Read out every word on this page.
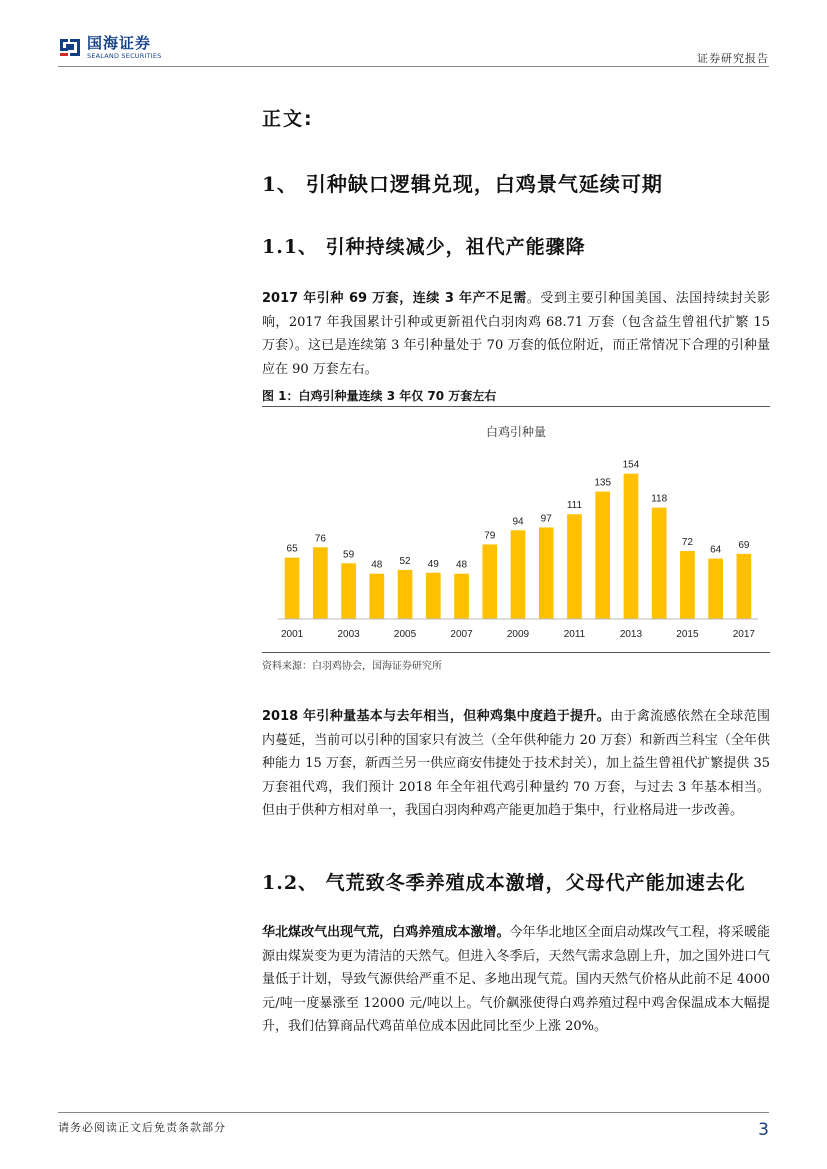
国海证券
SEALAND SECURITIES	证券研究报告
正文:
1、 引种缺口逻辑兑现，白鸡景气延续可期
1.1、 引种持续减少，祖代产能骤降
2017 年引种 69 万套，连续 3 年产不足需。受到主要引种国美国、法国持续封关影响，2017 年我国累计引种或更新祖代白羽肉鸡 68.71 万套（包含益生曾祖代扩繁 15 万套）。这已是连续第 3 年引种量处于 70 万套的低位附近，而正常情况下合理的引种量应在 90 万套左右。
图 1：白鸡引种量连续 3 年仅 70 万套左右
白鸡引种量
65
76
59
48 52 49 48
79
94 97
111
135
154
118
72
64 69
2001	2003	2005	2007	2009	2011	2013	2015	2017
资料来源：白羽鸡协会，国海证券研究所
2018 年引种量基本与去年相当，但种鸡集中度趋于提升。由于禽流感依然在全球范围内蔓延，当前可以引种的国家只有波兰（全年供种能力 20 万套）和新西兰科宝（全年供种能力 15 万套，新西兰另一供应商安伟捷处于技术封关），加上益生曾祖代扩繁提供 35 万套祖代鸡，我们预计 2018 年全年祖代鸡引种量约 70 万套，与过去 3 年基本相当。但由于供种方相对单一，我国白羽肉种鸡产能更加趋于集中，行业格局进一步改善。
1.2、 气荒致冬季养殖成本激增，父母代产能加速去化
华北煤改气出现气荒，白鸡养殖成本激增。今年华北地区全面启动煤改气工程，将采暖能源由煤炭变为更为清洁的天然气。但进入冬季后，天然气需求急剧上升，加之国外进口气量低于计划，导致气源供给严重不足、多地出现气荒。国内天然气价格从此前不足 4000 元/吨一度暴涨至 12000 元/吨以上。气价飙涨使得白鸡养殖过程中鸡舍保温成本大幅提升，我们估算商品代鸡苗单位成本因此同比至少上涨 20%。
请务必阅读正文后免责条款部分	3
